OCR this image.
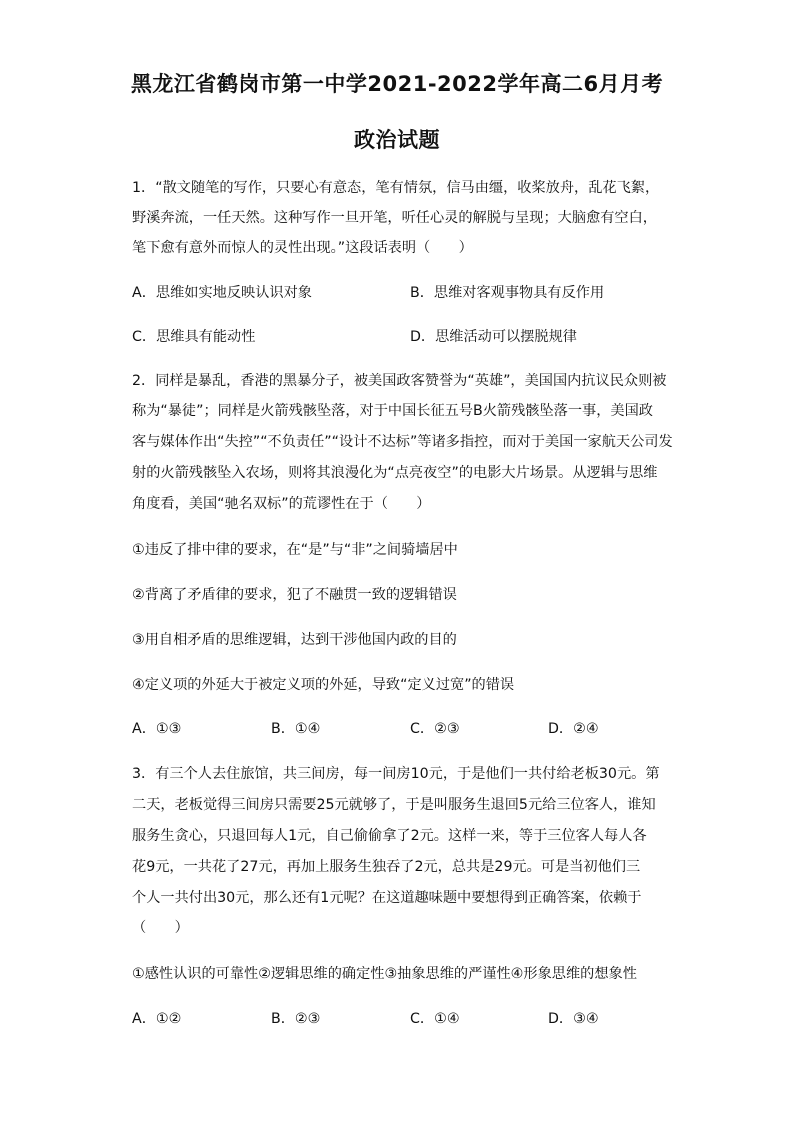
黑龙江省鹤岗市第一中学2021-2022学年高二6月月考
政治试题
1．“散文随笔的写作，只要心有意态，笔有情氛，信马由缰，收桨放舟，乱花飞絮，
野溪奔流，一任天然。这种写作一旦开笔，听任心灵的解脱与呈现；大脑愈有空白，
笔下愈有意外而惊人的灵性出现。”这段话表明（　　）
A．思维如实地反映认识对象	B．思维对客观事物具有反作用
C．思维具有能动性	D．思维活动可以摆脱规律
2．同样是暴乱，香港的黑暴分子，被美国政客赞誉为“英雄”，美国国内抗议民众则被
称为“暴徒”；同样是火箭残骸坠落，对于中国长征五号B火箭残骸坠落一事，美国政
客与媒体作出“失控”“不负责任”“设计不达标”等诸多指控，而对于美国一家航天公司发
射的火箭残骸坠入农场，则将其浪漫化为“点亮夜空”的电影大片场景。从逻辑与思维
角度看，美国“驰名双标”的荒谬性在于（　　）
①违反了排中律的要求，在“是”与“非”之间骑墙居中
②背离了矛盾律的要求，犯了不融贯一致的逻辑错误
③用自相矛盾的思维逻辑，达到干涉他国内政的目的
④定义项的外延大于被定义项的外延，导致“定义过宽”的错误
A．①③	B．①④	C．②③	D．②④
3．有三个人去住旅馆，共三间房，每一间房10元，于是他们一共付给老板30元。第
二天，老板觉得三间房只需要25元就够了，于是叫服务生退回5元给三位客人，谁知
服务生贪心，只退回每人1元，自己偷偷拿了2元。这样一来，等于三位客人每人各
花9元，一共花了27元，再加上服务生独吞了2元，总共是29元。可是当初他们三
个人一共付出30元，那么还有1元呢？在这道趣味题中要想得到正确答案，依赖于
（　　）
①感性认识的可靠性②逻辑思维的确定性③抽象思维的严谨性④形象思维的想象性
A．①②	B．②③	C．①④	D．③④
